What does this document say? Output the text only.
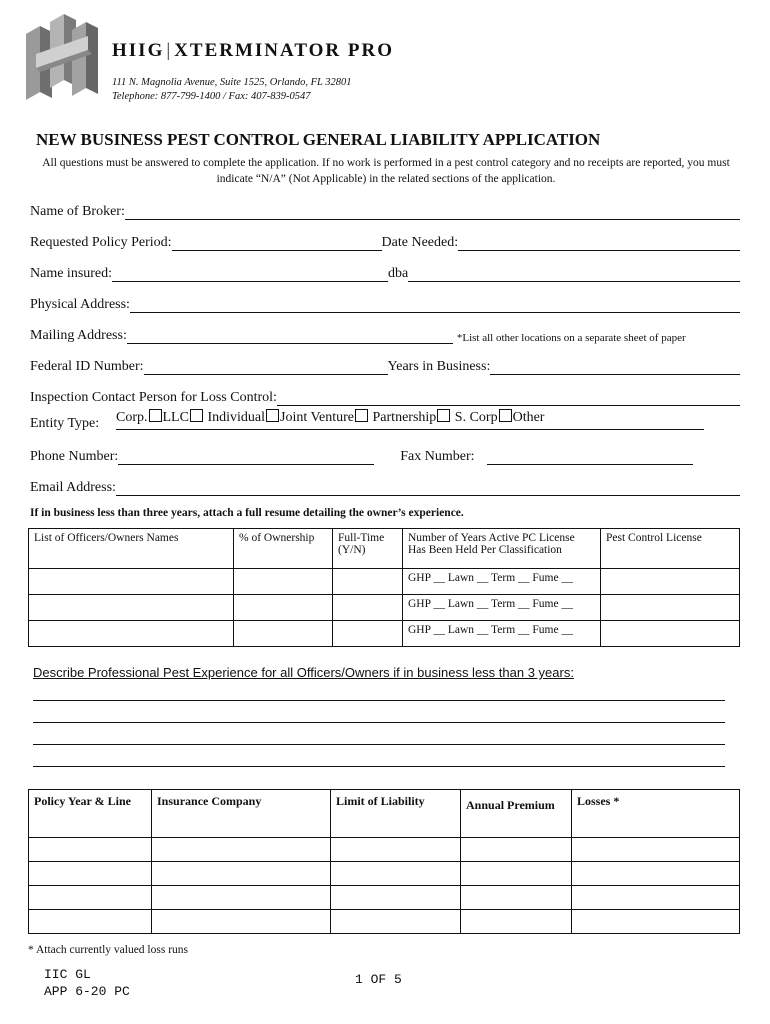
HIIG | XTERMINATOR PRO
111 N. Magnolia Avenue, Suite 1525, Orlando, FL 32801
Telephone: 877-799-1400 / Fax: 407-839-0547
NEW BUSINESS PEST CONTROL GENERAL LIABILITY APPLICATION
All questions must be answered to complete the application. If no work is performed in a pest control category and no receipts are reported, you must indicate “N/A” (Not Applicable) in the related sections of the application.
Name of Broker:
Requested Policy Period:	Date Needed:
Name insured:	dba
Physical Address:
Mailing Address:	*List all other locations on a separate sheet of paper
Federal ID Number:	Years in Business:
Inspection Contact Person for Loss Control:
Entity Type: Corp. LLC Individual Joint Venture Partnership S. Corp Other
Phone Number:	Fax Number:
Email Address:
If in business less than three years, attach a full resume detailing the owner’s experience.
List of Officers/Owners Names	% of Ownership	Full-Time (Y/N)	Number of Years Active PC License Has Been Held Per Classification	Pest Control License
			GHP __ Lawn __ Term __ Fume __	
			GHP __ Lawn __ Term __ Fume __	
			GHP __ Lawn __ Term __ Fume __	
Describe Professional Pest Experience for all Officers/Owners if in business less than 3 years:
Policy Year & Line	Insurance Company	Limit of Liability	Annual Premium	Losses *

* Attach currently valued loss runs
IIC GL
APP 6-20 PC
1 OF 5
